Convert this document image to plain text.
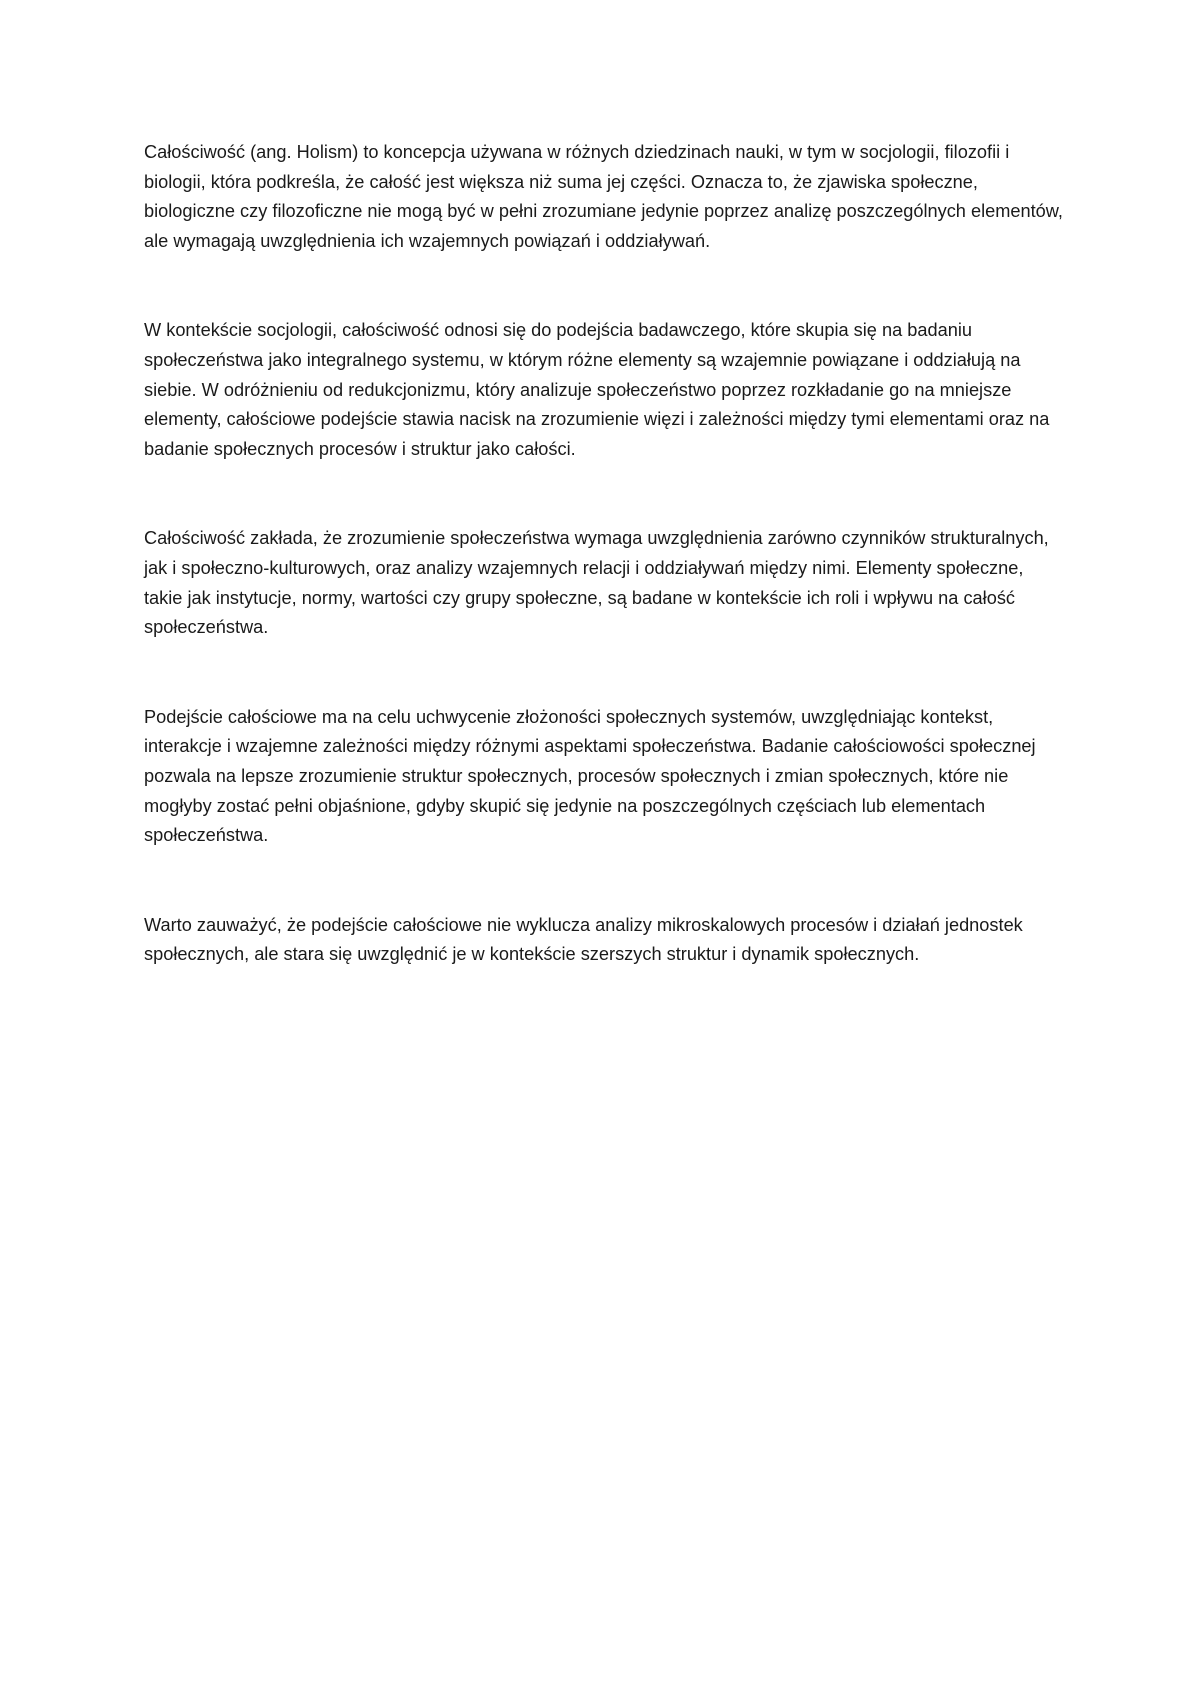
Całościwość (ang. Holism) to koncepcja używana w różnych dziedzinach nauki, w tym w socjologii, filozofii i biologii, która podkreśla, że całość jest większa niż suma jej części. Oznacza to, że zjawiska społeczne, biologiczne czy filozoficzne nie mogą być w pełni zrozumiane jedynie poprzez analizę poszczególnych elementów, ale wymagają uwzględnienia ich wzajemnych powiązań i oddziaływań.

W kontekście socjologii, całościwość odnosi się do podejścia badawczego, które skupia się na badaniu społeczeństwa jako integralnego systemu, w którym różne elementy są wzajemnie powiązane i oddziałują na siebie. W odróżnieniu od redukcjonizmu, który analizuje społeczeństwo poprzez rozkładanie go na mniejsze elementy, całościowe podejście stawia nacisk na zrozumienie więzi i zależności między tymi elementami oraz na badanie społecznych procesów i struktur jako całości.

Całościwość zakłada, że zrozumienie społeczeństwa wymaga uwzględnienia zarówno czynników strukturalnych, jak i społeczno-kulturowych, oraz analizy wzajemnych relacji i oddziaływań między nimi. Elementy społeczne, takie jak instytucje, normy, wartości czy grupy społeczne, są badane w kontekście ich roli i wpływu na całość społeczeństwa.

Podejście całościowe ma na celu uchwycenie złożoności społecznych systemów, uwzględniając kontekst, interakcje i wzajemne zależności między różnymi aspektami społeczeństwa. Badanie całościowości społecznej pozwala na lepsze zrozumienie struktur społecznych, procesów społecznych i zmian społecznych, które nie mogłyby zostać pełni objaśnione, gdyby skupić się jedynie na poszczególnych częściach lub elementach społeczeństwa.

Warto zauważyć, że podejście całościowe nie wyklucza analizy mikroskalowych procesów i działań jednostek społecznych, ale stara się uwzględnić je w kontekście szerszych struktur i dynamik społecznych.
